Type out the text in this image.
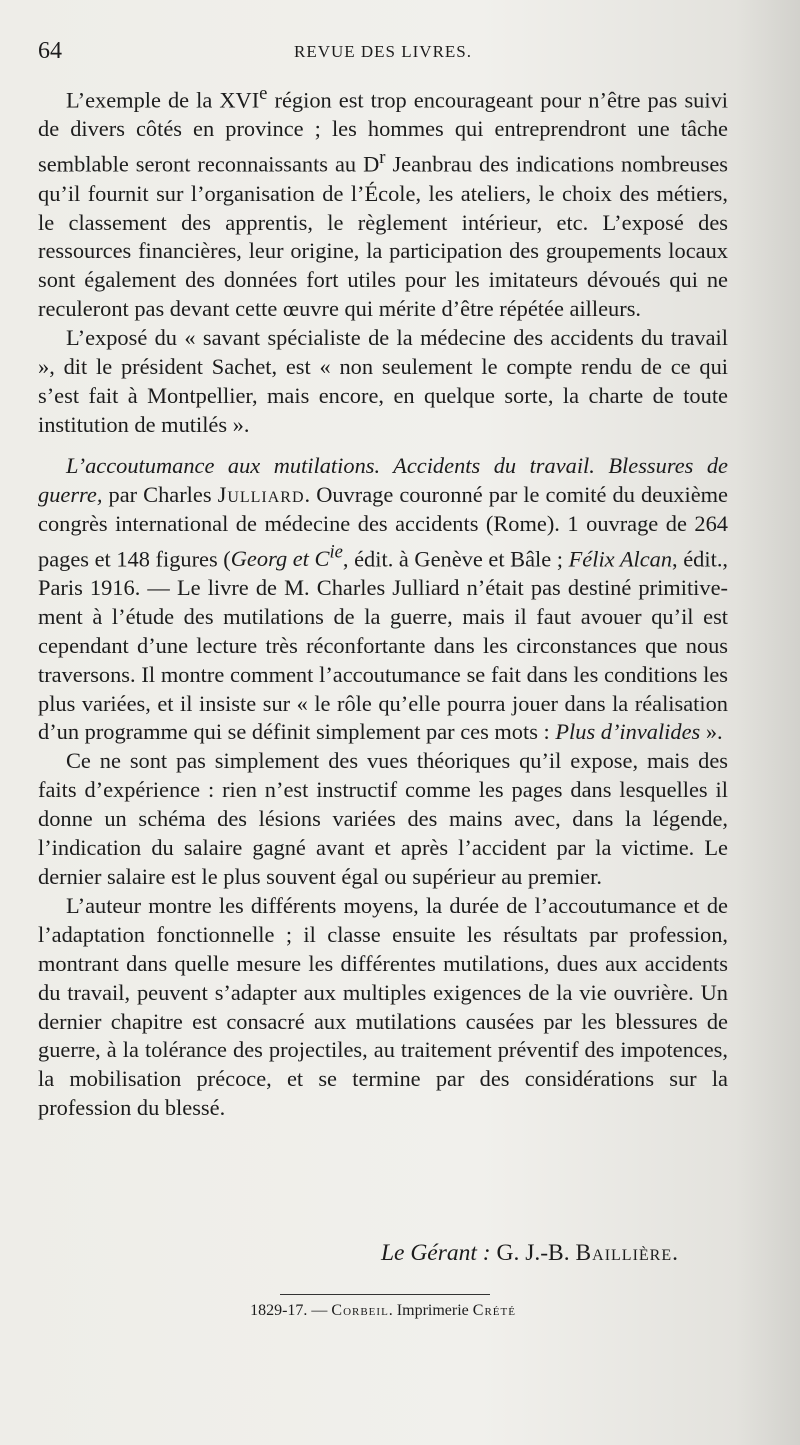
64	REVUE DES LIVRES.

L’exemple de la XVIe région est trop encourageant pour n’être pas suivi de divers côtés en province ; les hommes qui entreprendront une tâche semblable seront reconnaissants au $D^r$ Jeanbrau des indications nombreuses qu’il fournit sur l’organisation de l’École, les ateliers, le choix des métiers, le classement des apprentis, le règlement intérieur, etc. L’exposé des ressources financières, leur origine, la participation des groupements locaux sont également des données fort utiles pour les imitateurs dévoués qui ne reculeront pas devant cette œuvre qui mérite d’être répétée ailleurs.

L’exposé du « savant spécialiste de la médecine des accidents du travail », dit le président Sachet, est « non seulement le compte rendu de ce qui s’est fait à Montpellier, mais encore, en quelque sorte, la charte de toute institution de mutilés ».

L’accoutumance aux mutilations. Accidents du travail. Blessures de guerre, par Charles Julliard. Ouvrage couronné par le comité du deuxième congrès international de médecine des accidents (Rome). 1 ouvrage de 264 pages et 148 figures (Georg et $C^{ie}$, édit. à Genève et Bâle ; Félix Alcan, édit., Paris 1916. — Le livre de M. Charles Julliard n’était pas destiné primitivement à l’étude des mutilations de la guerre, mais il faut avouer qu’il est cependant d’une lecture très réconfortante dans les circonstances que nous traversons. Il montre comment l’accoutumance se fait dans les conditions les plus variées, et il insiste sur « le rôle qu’elle pourra jouer dans la réalisation d’un programme qui se définit simplement par ces mots : Plus d’invalides ».

Ce ne sont pas simplement des vues théoriques qu’il expose, mais des faits d’expérience : rien n’est instructif comme les pages dans lesquelles il donne un schéma des lésions variées des mains avec, dans la légende, l’indication du salaire gagné avant et après l’accident par la victime. Le dernier salaire est le plus souvent égal ou supérieur au premier.

L’auteur montre les différents moyens, la durée de l’accoutumance et de l’adaptation fonctionnelle ; il classe ensuite les résultats par profession, montrant dans quelle mesure les différentes mutilations, dues aux accidents du travail, peuvent s’adapter aux multiples exigences de la vie ouvrière. Un dernier chapitre est consacré aux mutilations causées par les blessures de guerre, à la tolérance des projectiles, au traitement préventif des impotences, la mobilisation précoce, et se termine par des considérations sur la profession du blessé.

Le Gérant : G. J.-B. Baillière.
1829-17. — Corbeil. Imprimerie Crété
